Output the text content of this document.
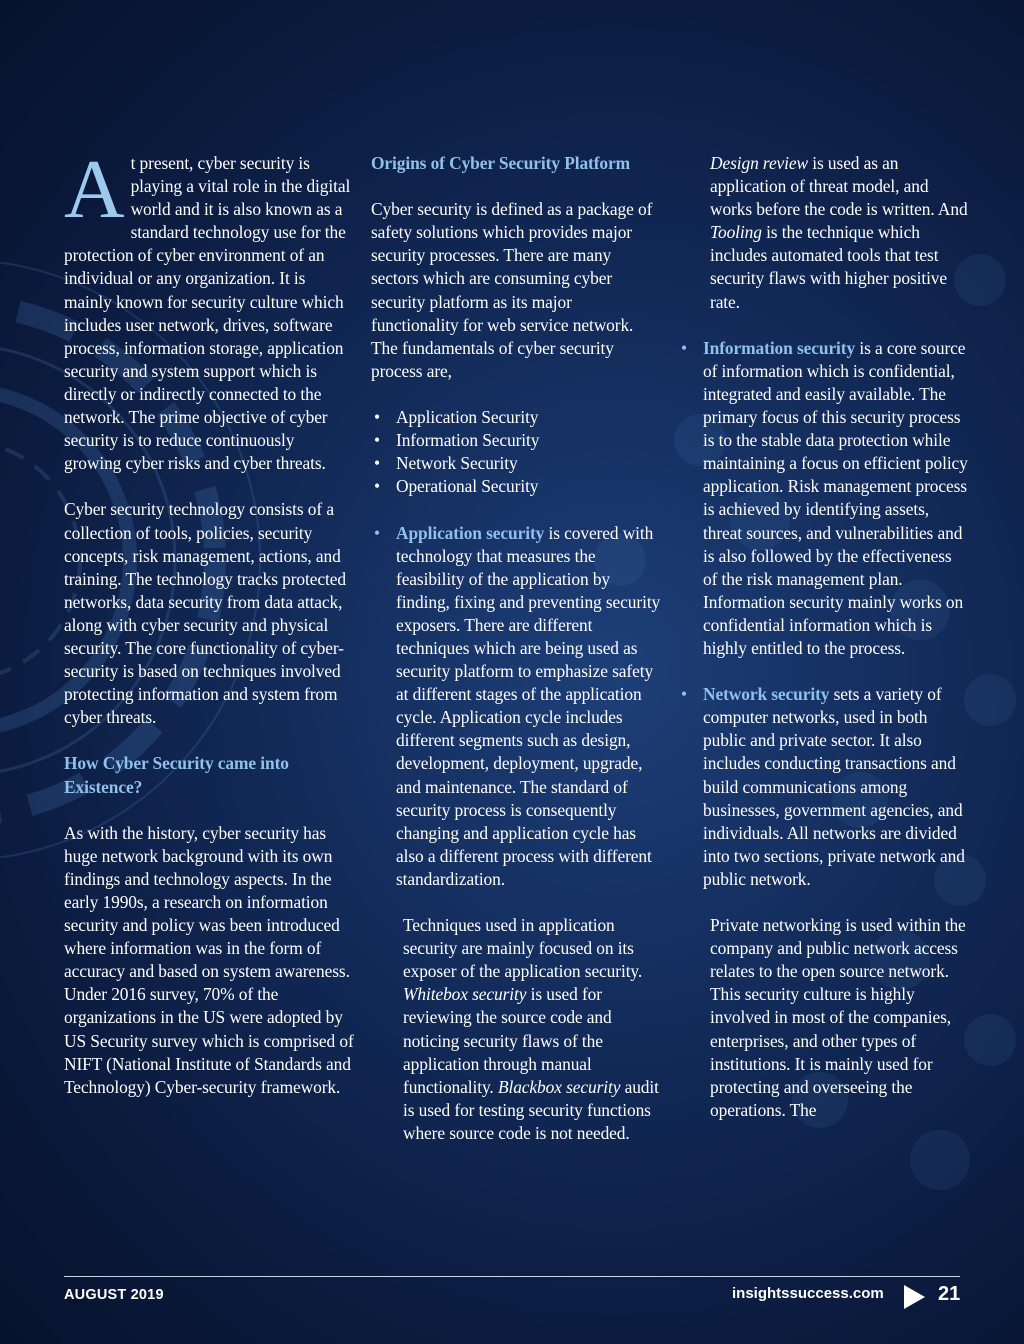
At present, cyber security is playing a vital role in the digital world and it is also known as a standard technology use for the protection of cyber environment of an individual or any organization. It is mainly known for security culture which includes user network, drives, software process, information storage, application security and system support which is directly or indirectly connected to the network. The prime objective of cyber security is to reduce continuously growing cyber risks and cyber threats.

Cyber security technology consists of a collection of tools, policies, security concepts, risk management, actions, and training. The technology tracks protected networks, data security from data attack, along with cyber security and physical security. The core functionality of cyber-security is based on techniques involved protecting information and system from cyber threats.

How Cyber Security came into Existence?

As with the history, cyber security has huge network background with its own findings and technology aspects. In the early 1990s, a research on information security and policy was been introduced where information was in the form of accuracy and based on system awareness. Under 2016 survey, 70% of the organizations in the US were adopted by US Security survey which is comprised of NIFT (National Institute of Standards and Technology) Cyber-security framework.

Origins of Cyber Security Platform

Cyber security is defined as a package of safety solutions which provides major security processes. There are many sectors which are consuming cyber security platform as its major functionality for web service network. The fundamentals of cyber security process are,

• Application Security
• Information Security
• Network Security
• Operational Security
• Application security is covered with technology that measures the feasibility of the application by finding, fixing and preventing security exposers. There are different techniques which are being used as security platform to emphasize safety at different stages of the application cycle. Application cycle includes different segments such as design, development, deployment, upgrade, and maintenance. The standard of security process is consequently changing and application cycle has also a different process with different standardization.

Techniques used in application security are mainly focused on its exposer of the application security. Whitebox security is used for reviewing the source code and noticing security flaws of the application through manual functionality. Blackbox security audit is used for testing security functions where source code is not needed.

Design review is used as an application of threat model, and works before the code is written. And Tooling is the technique which includes automated tools that test security flaws with higher positive rate.

• Information security is a core source of information which is confidential, integrated and easily available. The primary focus of this security process is to the stable data protection while maintaining a focus on efficient policy application. Risk management process is achieved by identifying assets, threat sources, and vulnerabilities and is also followed by the effectiveness of the risk management plan. Information security mainly works on confidential information which is highly entitled to the process.
• Network security sets a variety of computer networks, used in both public and private sector. It also includes conducting transactions and build communications among businesses, government agencies, and individuals. All networks are divided into two sections, private network and public network.

Private networking is used within the company and public network access relates to the open source network. This security culture is highly involved in most of the companies, enterprises, and other types of institutions. It is mainly used for protecting and overseeing the operations. The

AUGUST 2019	insightssuccess.com	21
